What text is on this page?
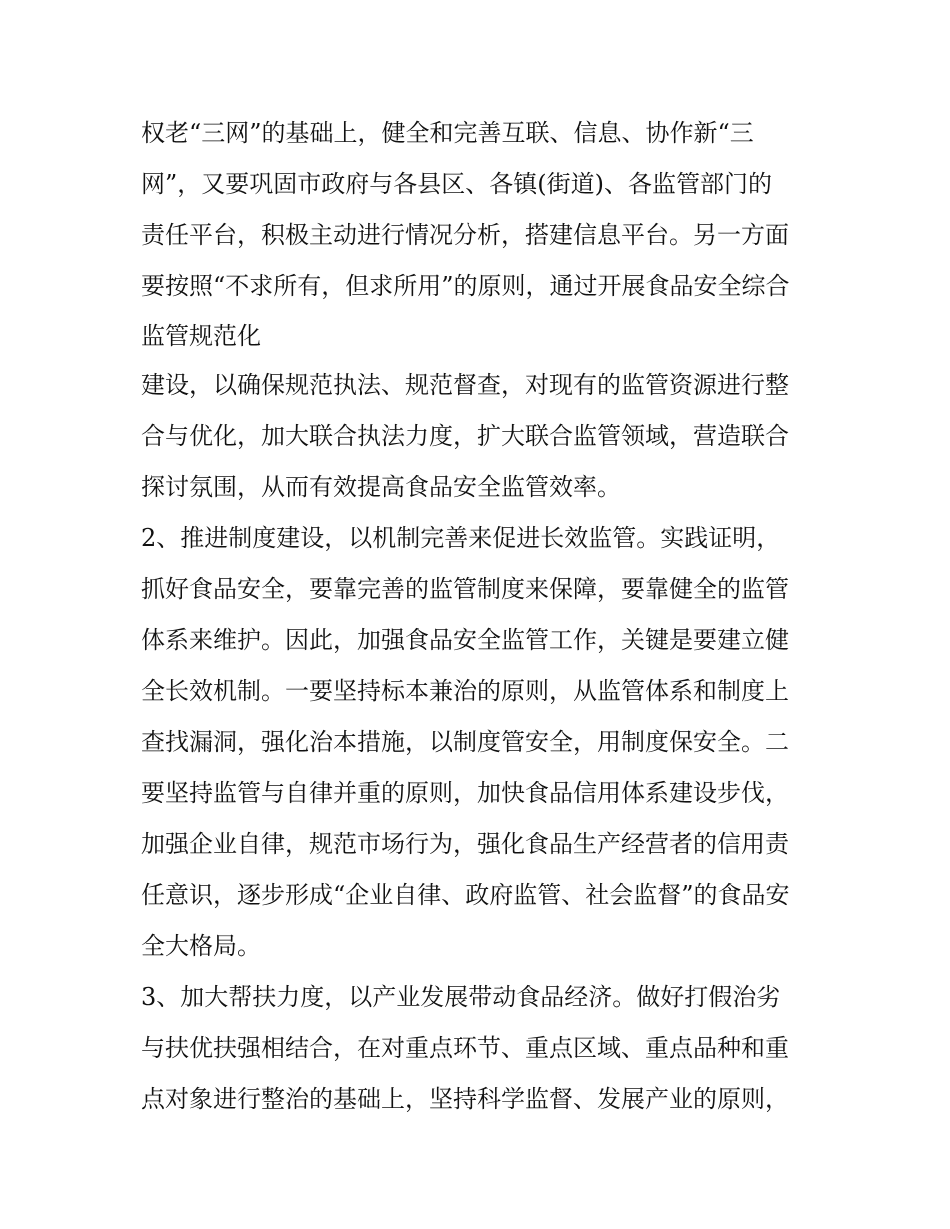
权老“三网”的基础上，健全和完善互联、信息、协作新“三
网”，又要巩固市政府与各县区、各镇(街道)、各监管部门的
责任平台，积极主动进行情况分析，搭建信息平台。另一方面
要按照“不求所有，但求所用”的原则，通过开展食品安全综合
监管规范化
建设，以确保规范执法、规范督查，对现有的监管资源进行整
合与优化，加大联合执法力度，扩大联合监管领域，营造联合
探讨氛围，从而有效提高食品安全监管效率。
2、推进制度建设，以机制完善来促进长效监管。实践证明，
抓好食品安全，要靠完善的监管制度来保障，要靠健全的监管
体系来维护。因此，加强食品安全监管工作，关键是要建立健
全长效机制。一要坚持标本兼治的原则，从监管体系和制度上
查找漏洞，强化治本措施，以制度管安全，用制度保安全。二
要坚持监管与自律并重的原则，加快食品信用体系建设步伐，
加强企业自律，规范市场行为，强化食品生产经营者的信用责
任意识，逐步形成“企业自律、政府监管、社会监督”的食品安
全大格局。
3、加大帮扶力度，以产业发展带动食品经济。做好打假治劣
与扶优扶强相结合，在对重点环节、重点区域、重点品种和重
点对象进行整治的基础上，坚持科学监督、发展产业的原则，
